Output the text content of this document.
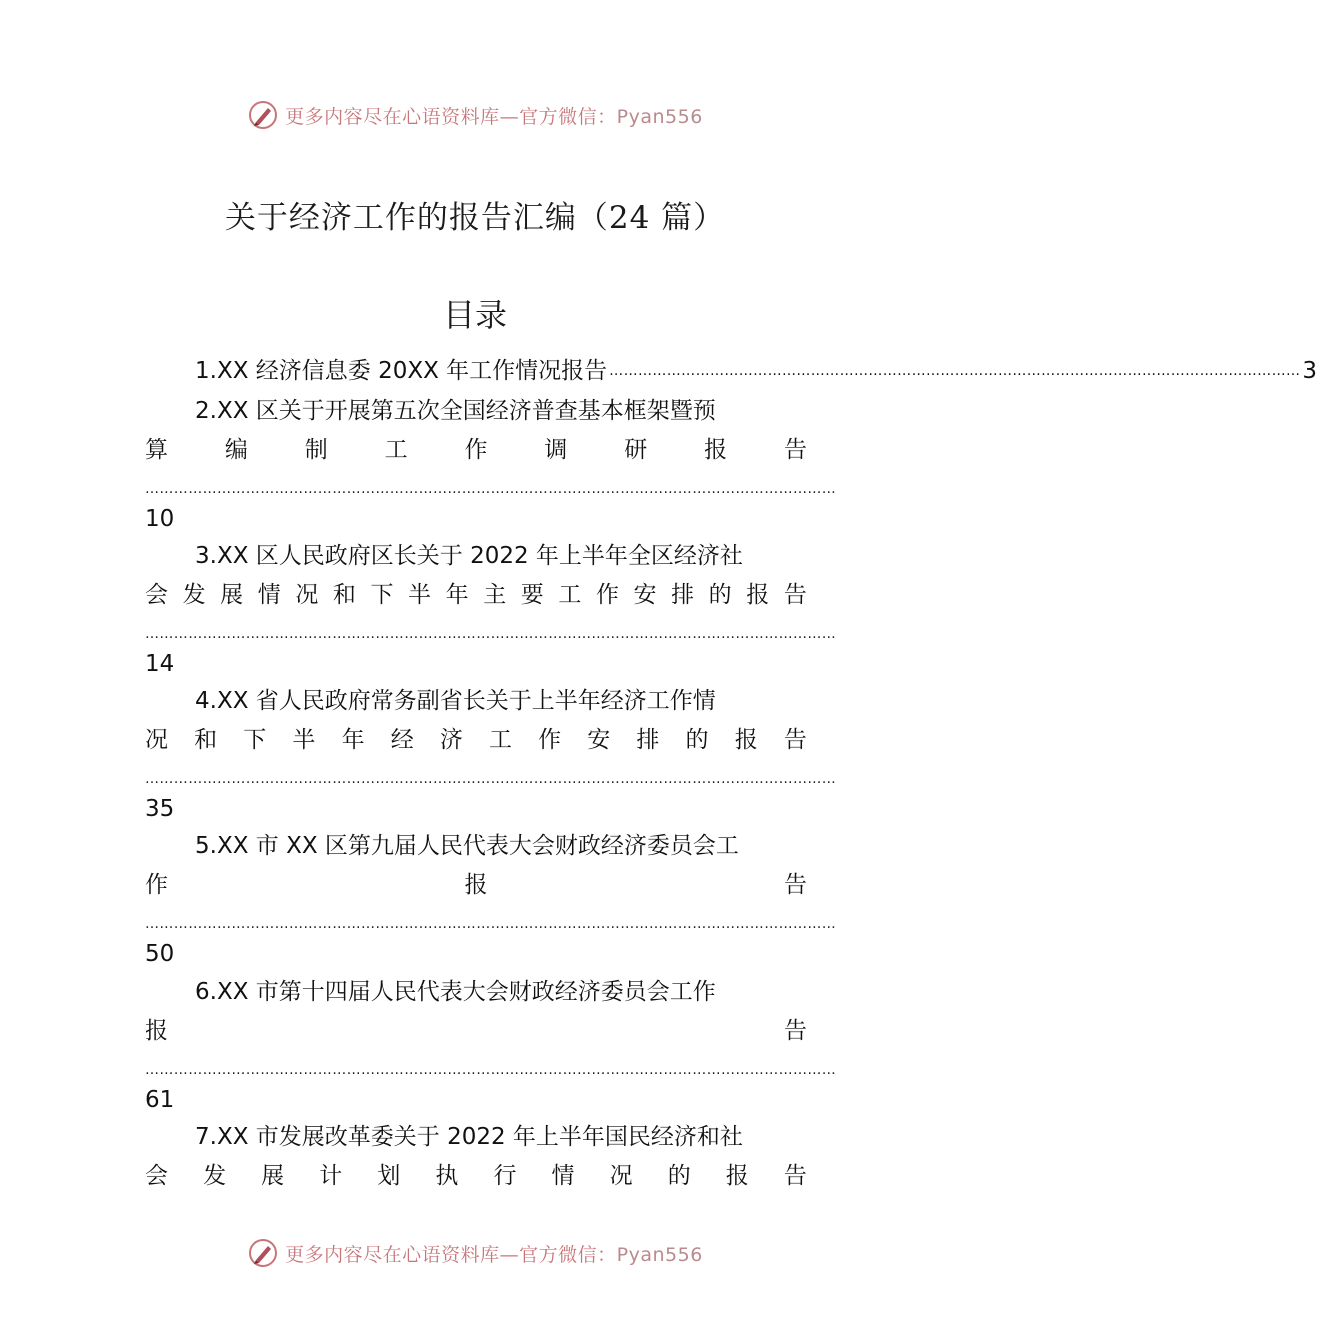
更多内容尽在心语资料库—官方微信：Pyan556
关于经济工作的报告汇编（24 篇）
目录
1.XX 经济信息委 20XX 年工作情况报告 ……………………………………………………………………………………………………………………………… 3
2.XX 区关于开展第五次全国经济普查基本框架暨预
算 编 制 工 作 调 研 报 告
………………………………………………………………………………………………………………………………
10
3.XX 区人民政府区长关于 2022 年上半年全区经济社
会 发 展 情 况 和 下 半 年 主 要 工 作 安 排 的 报 告
………………………………………………………………………………………………………………………………
14
4.XX 省人民政府常务副省长关于上半年经济工作情
况 和 下 半 年 经 济 工 作 安 排 的 报 告
………………………………………………………………………………………………………………………………
35
5.XX 市 XX 区第九届人民代表大会财政经济委员会工
作	报	告
………………………………………………………………………………………………………………………………
50
6.XX 市第十四届人民代表大会财政经济委员会工作
报	告
………………………………………………………………………………………………………………………………
61
7.XX 市发展改革委关于 2022 年上半年国民经济和社
会 发 展 计 划 执 行 情 况 的 报 告
更多内容尽在心语资料库—官方微信：Pyan556
